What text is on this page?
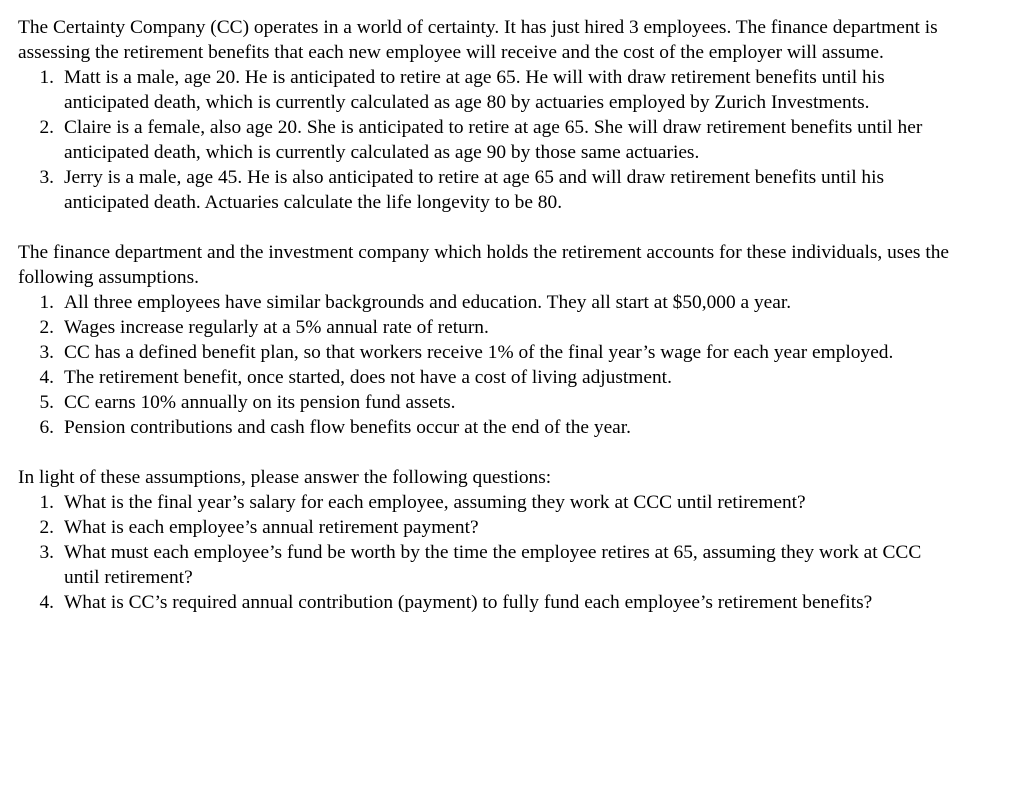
The Certainty Company (CC) operates in a world of certainty. It has just hired 3 employees. The finance department is assessing the retirement benefits that each new employee will receive and the cost of the employer will assume.

1. Matt is a male, age 20. He is anticipated to retire at age 65. He will with draw retirement benefits until his anticipated death, which is currently calculated as age 80 by actuaries employed by Zurich Investments.
2. Claire is a female, also age 20. She is anticipated to retire at age 65. She will draw retirement benefits until her anticipated death, which is currently calculated as age 90 by those same actuaries.
3. Jerry is a male, age 45. He is also anticipated to retire at age 65 and will draw retirement benefits until his anticipated death. Actuaries calculate the life longevity to be 80.

The finance department and the investment company which holds the retirement accounts for these individuals, uses the following assumptions.

1. All three employees have similar backgrounds and education. They all start at $50,000 a year.
2. Wages increase regularly at a 5% annual rate of return.
3. CC has a defined benefit plan, so that workers receive 1% of the final year’s wage for each year employed.
4. The retirement benefit, once started, does not have a cost of living adjustment.
5. CC earns 10% annually on its pension fund assets.
6. Pension contributions and cash flow benefits occur at the end of the year.

In light of these assumptions, please answer the following questions:

1. What is the final year’s salary for each employee, assuming they work at CCC until retirement?
2. What is each employee’s annual retirement payment?
3. What must each employee’s fund be worth by the time the employee retires at 65, assuming they work at CCC until retirement?
4. What is CC’s required annual contribution (payment) to fully fund each employee’s retirement benefits?
